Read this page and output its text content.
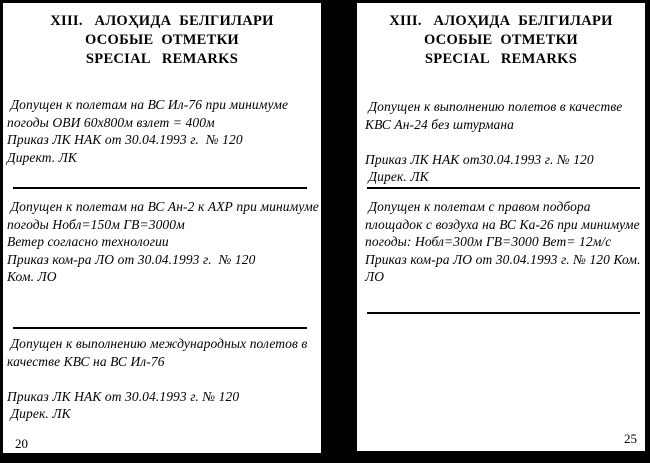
XIII.   АЛОҲИДА  БЕЛГИЛАРИ
ОСОБЫЕ  ОТМЕТКИ
SPECIAL   REMARKS
Допущен к полетам на ВС Ил-76 при минимуме
погоды ОВИ 60х800м взлет = 400м
Приказ ЛК НАК от 30.04.1993 г.  № 120
Директ. ЛК
Допущен к полетам на ВС Ан-2 к АХР при минимуме
погоды Нобл=150м ГВ=3000м
Ветер согласно технологии
Приказ ком-ра ЛО от 30.04.1993 г.  № 120
Ком. ЛО
Допущен к выполнению международных полетов в
качестве КВС на ВС Ил-76
Приказ ЛК НАК от 30.04.1993 г. № 120
Дирек. ЛК
20
XIII.   АЛОҲИДА  БЕЛГИЛАРИ
ОСОБЫЕ  ОТМЕТКИ
SPECIAL   REMARKS
Допущен к выполнению полетов в качестве
КВС Ан-24 без штурмана
Приказ ЛК НАК от30.04.1993 г. № 120
Дирек. ЛК
Допущен к полетам с правом подбора
площадок с воздуха на ВС Ка-26 при минимуме
погоды: Нобл=300м ГВ=3000 Вет= 12м/с
Приказ ком-ра ЛО от 30.04.1993 г. № 120 Ком.
ЛО
25
